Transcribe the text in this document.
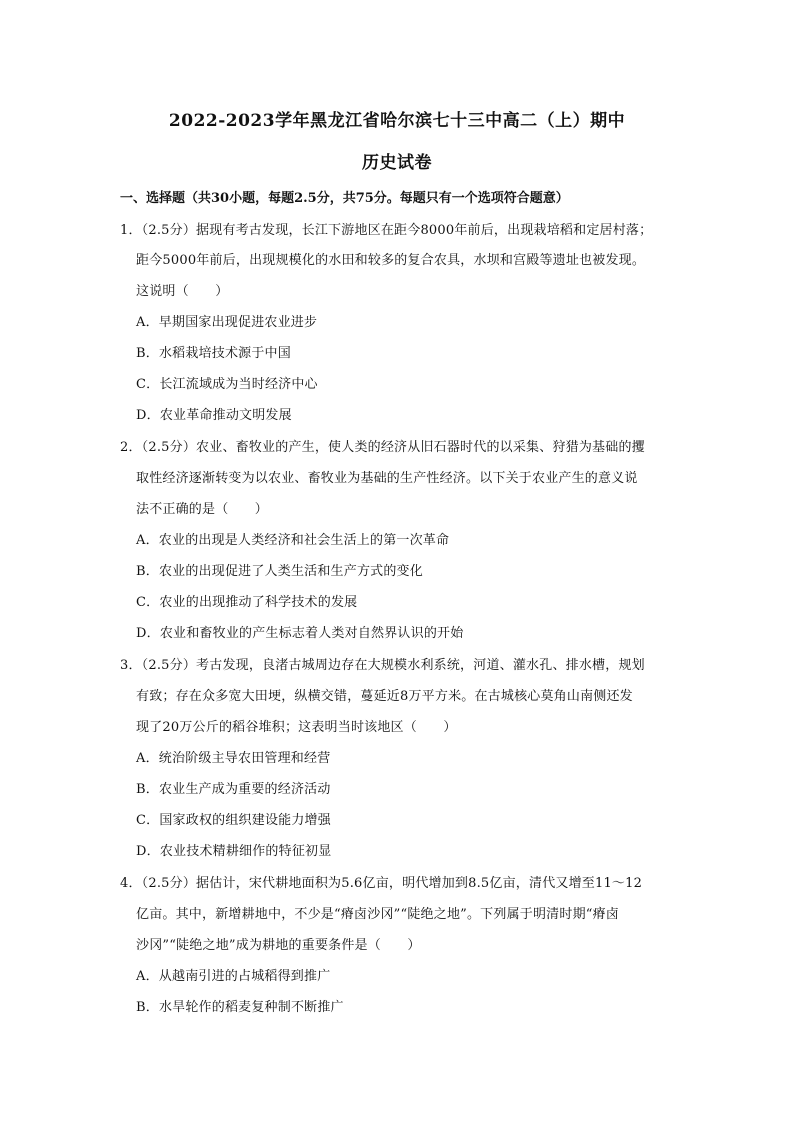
2022-2023学年黑龙江省哈尔滨七十三中高二（上）期中
历史试卷
一、选择题（共30小题，每题2.5分，共75分。每题只有一个选项符合题意）
1．（2.5分）据现有考古发现，长江下游地区在距今8000年前后，出现栽培稻和定居村落；
距今5000年前后，出现规模化的水田和较多的复合农具，水坝和宫殿等遗址也被发现。
这说明（　　）
A．早期国家出现促进农业进步
B．水稻栽培技术源于中国
C．长江流域成为当时经济中心
D．农业革命推动文明发展
2．（2.5分）农业、畜牧业的产生，使人类的经济从旧石器时代的以采集、狩猎为基础的攫
取性经济逐渐转变为以农业、畜牧业为基础的生产性经济。以下关于农业产生的意义说
法不正确的是（　　）
A．农业的出现是人类经济和社会生活上的第一次革命
B．农业的出现促进了人类生活和生产方式的变化
C．农业的出现推动了科学技术的发展
D．农业和畜牧业的产生标志着人类对自然界认识的开始
3．（2.5分）考古发现，良渚古城周边存在大规模水利系统，河道、灌水孔、排水槽，规划
有致；存在众多宽大田埂，纵横交错，蔓延近8万平方米。在古城核心莫角山南侧还发
现了20万公斤的稻谷堆积；这表明当时该地区（　　）
A．统治阶级主导农田管理和经营
B．农业生产成为重要的经济活动
C．国家政权的组织建设能力增强
D．农业技术精耕细作的特征初显
4．（2.5分）据估计，宋代耕地面积为5.6亿亩，明代增加到8.5亿亩，清代又增至11～12
亿亩。其中，新增耕地中，不少是“瘠卤沙冈”“陡绝之地”。下列属于明清时期“瘠卤
沙冈”“陡绝之地”成为耕地的重要条件是（　　）
A．从越南引进的占城稻得到推广
B．水旱轮作的稻麦复种制不断推广
